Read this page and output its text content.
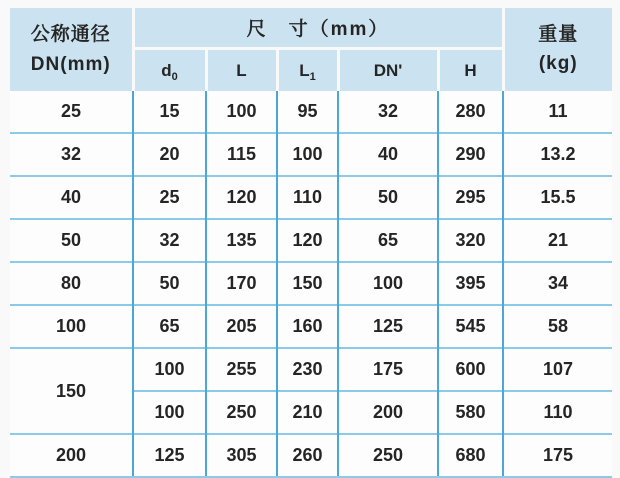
公称通径
DN(mm)
	尺　寸（mm）	重量
(kg)

	$d_0$	L	$L_1$	DN'	H	
25	15	100	95	32	280	11
32	20	115	100	40	290	13.2
40	25	120	110	50	295	15.5
50	32	135	120	65	320	21
80	50	170	150	100	395	34
100	65	205	160	125	545	58
150	100	255	230	175	600	107
	100	250	210	200	580	110
200	125	305	260	250	680	175
